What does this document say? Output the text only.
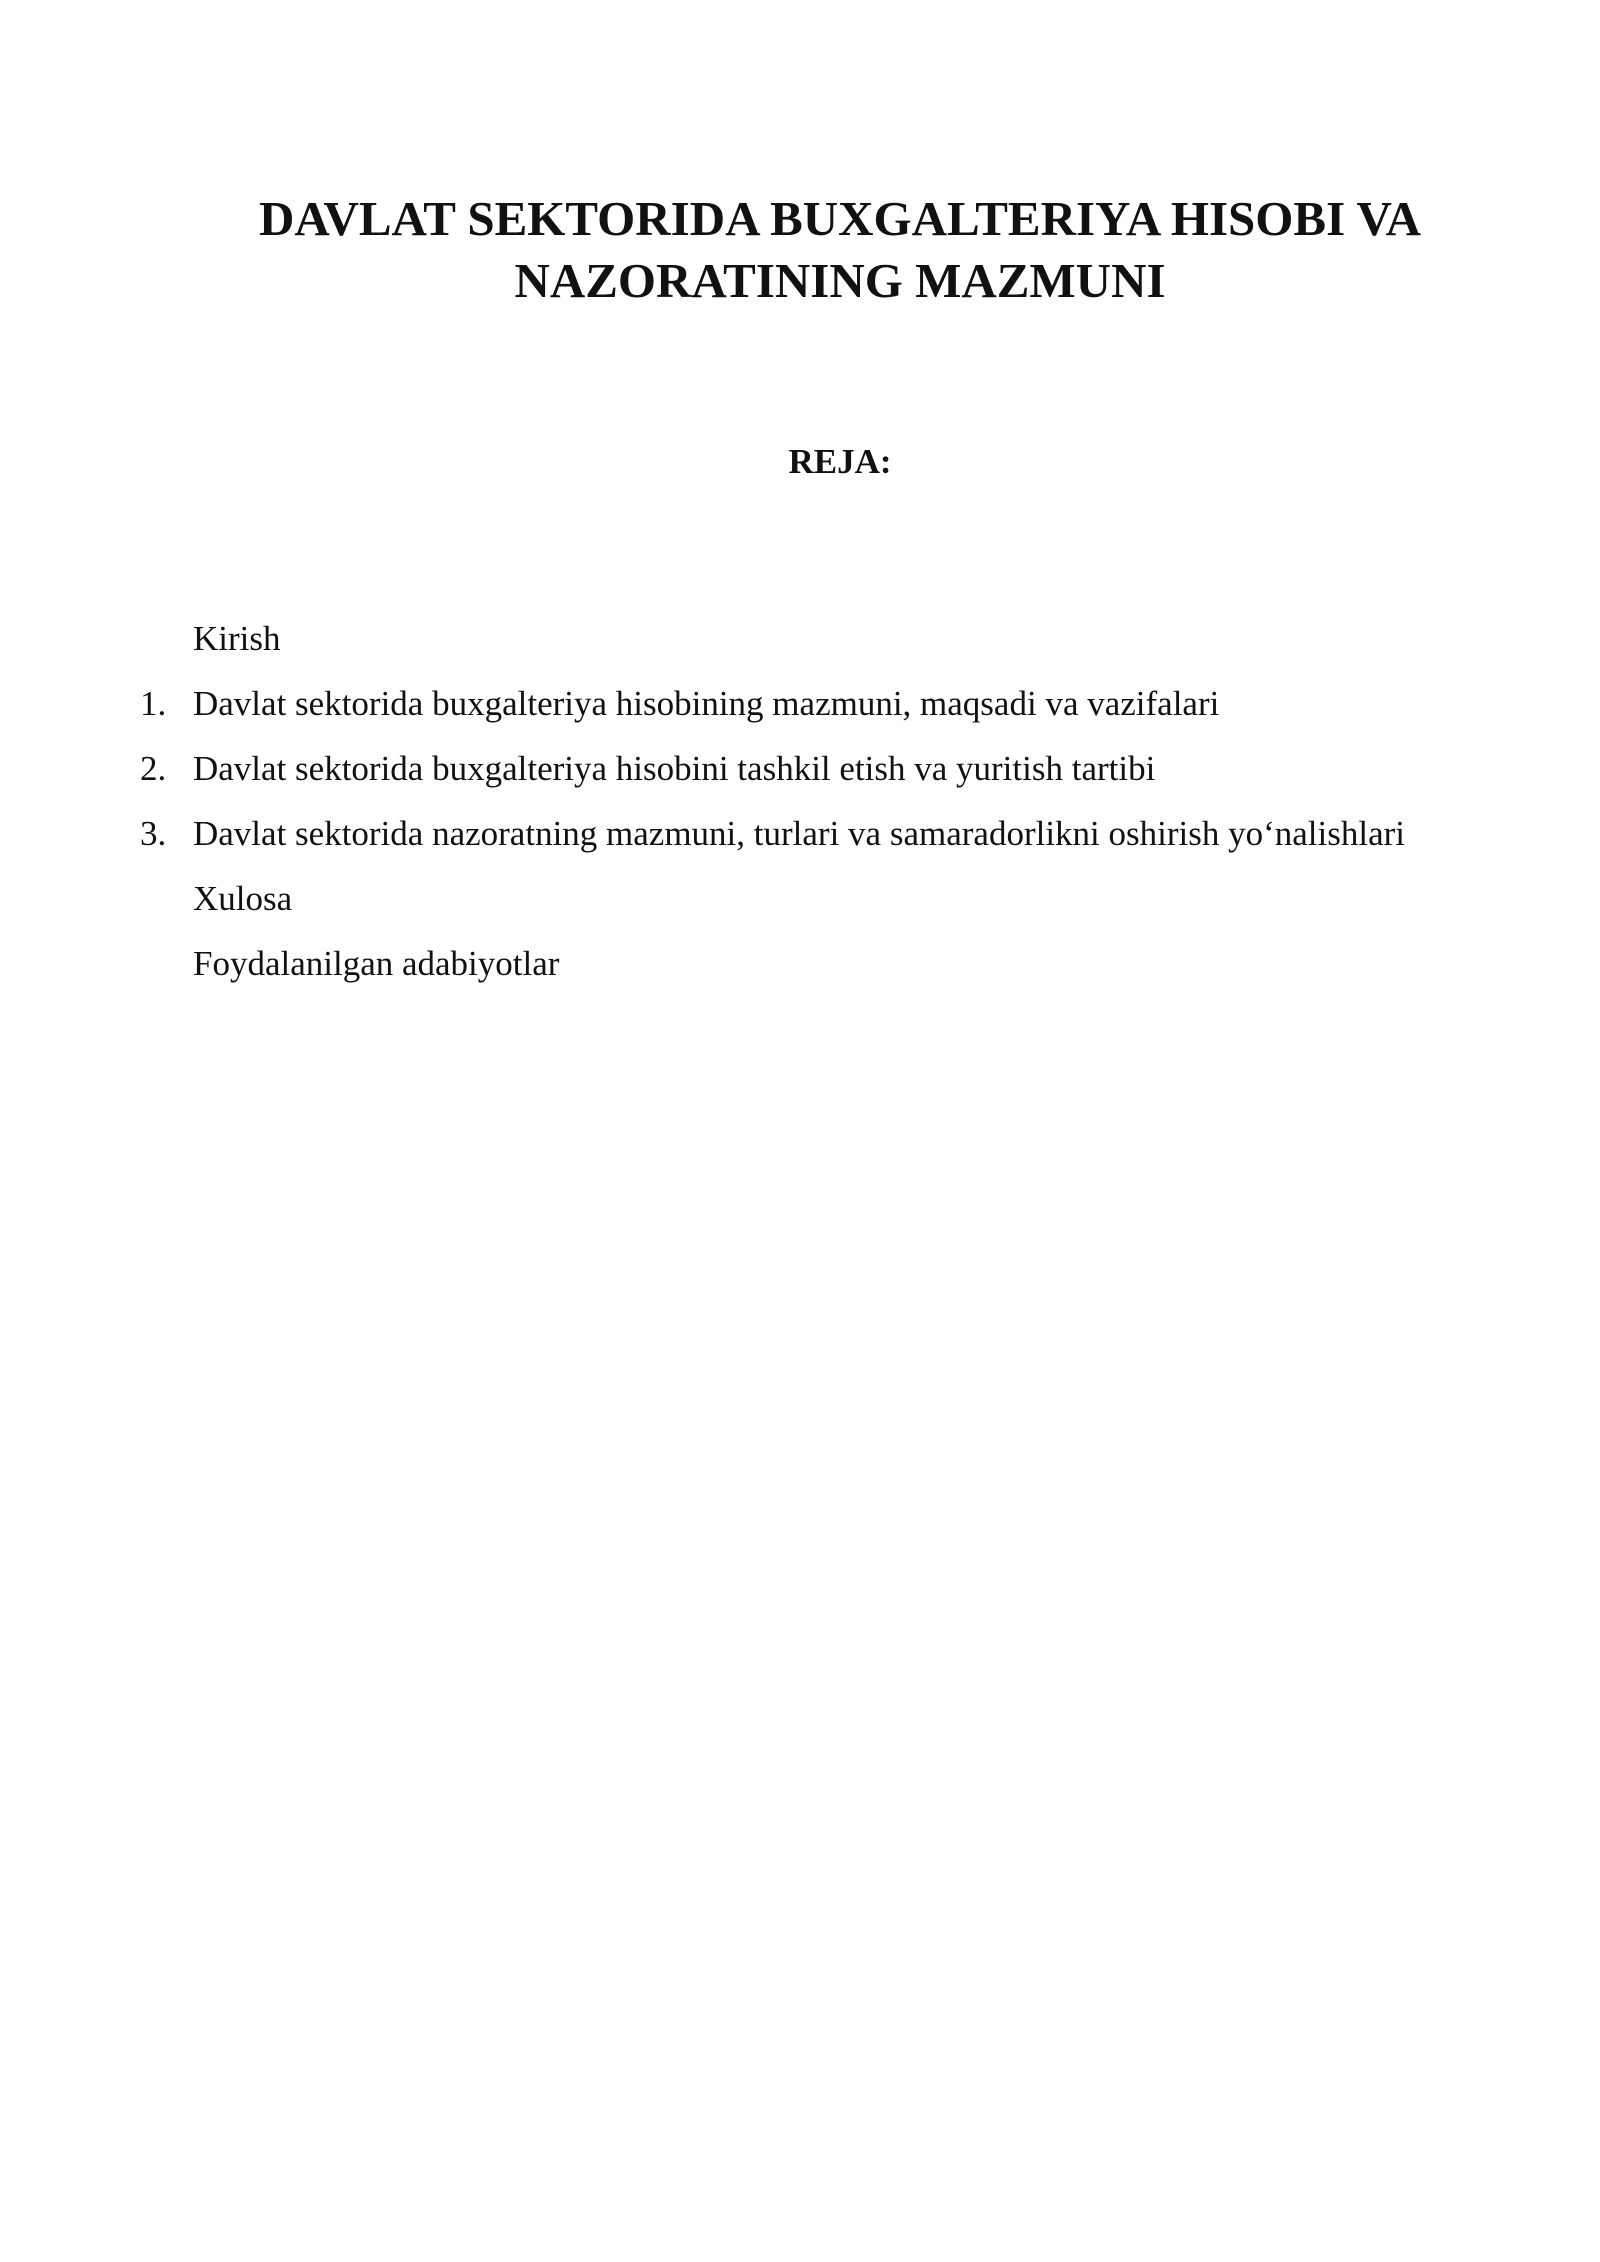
DAVLAT SEKTORIDA BUXGALTERIYA HISOBI VA
NAZORATINING MAZMUNI
REJA:
Kirish
1. Davlat sektorida buxgalteriya hisobining mazmuni, maqsadi va vazifalari
2. Davlat sektorida buxgalteriya hisobini tashkil etish va yuritish tartibi
3. Davlat sektorida nazoratning mazmuni, turlari va samaradorlikni oshirish yo‘nalishlari
Xulosa
Foydalanilgan adabiyotlar
